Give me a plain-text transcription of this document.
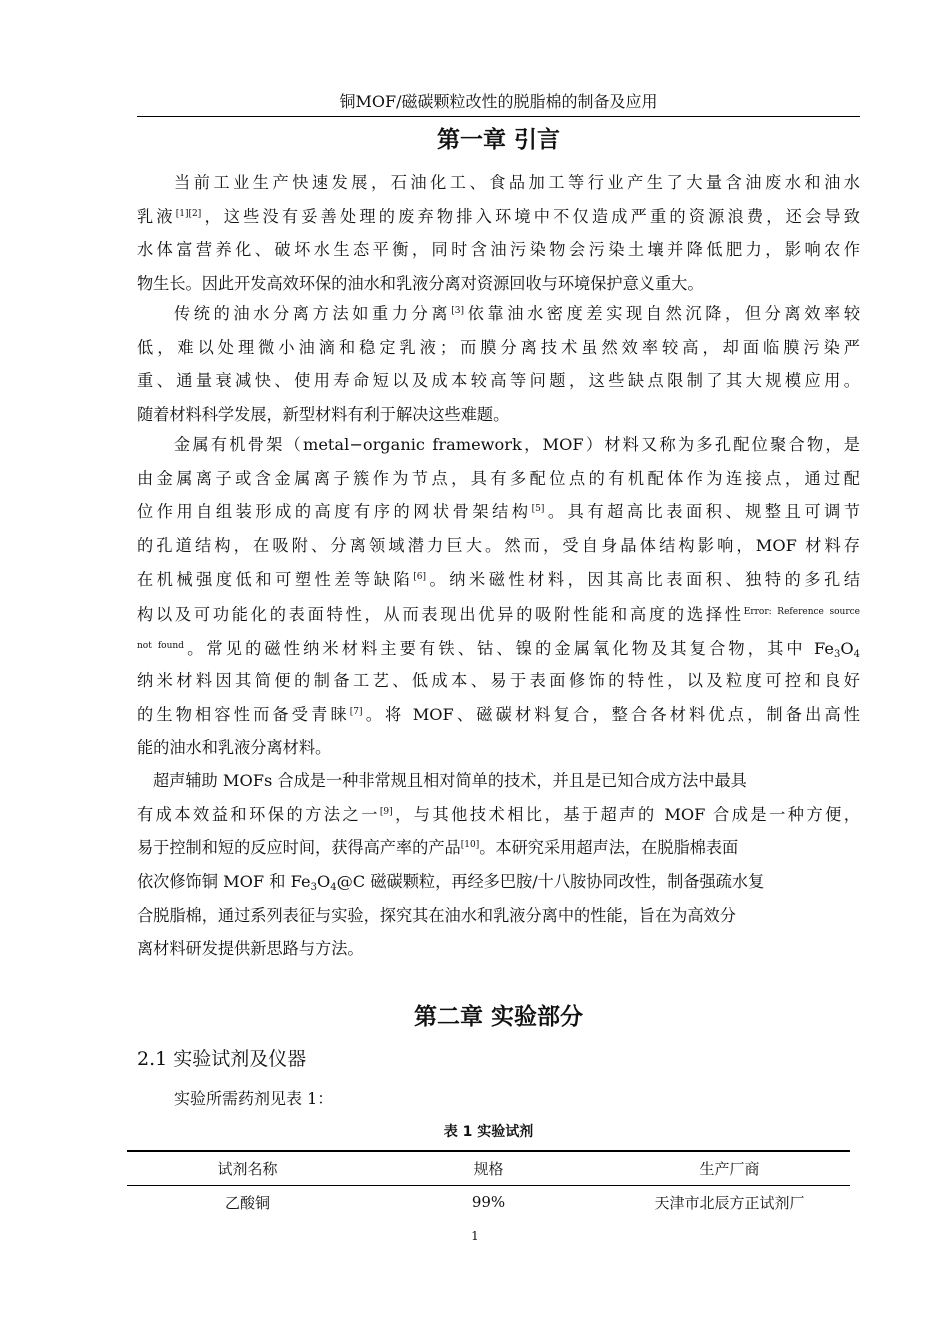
铜MOF/磁碳颗粒改性的脱脂棉的制备及应用
第一章 引言
当前工业生产快速发展，石油化工、食品加工等行业产生了大量含油废水和油水
乳液[1][2]，这些没有妥善处理的废弃物排入环境中不仅造成严重的资源浪费，还会导致
水体富营养化、破坏水生态平衡，同时含油污染物会污染土壤并降低肥力，影响农作
物生长。因此开发高效环保的油水和乳液分离对资源回收与环境保护意义重大。
传统的油水分离方法如重力分离[3]依靠油水密度差实现自然沉降，但分离效率较
低，难以处理微小油滴和稳定乳液；而膜分离技术虽然效率较高，却面临膜污染严
重、通量衰减快、使用寿命短以及成本较高等问题，这些缺点限制了其大规模应用。
随着材料科学发展，新型材料有利于解决这些难题。
金属有机骨架（metal−organic framework，MOF）材料又称为多孔配位聚合物，是
由金属离子或含金属离子簇作为节点，具有多配位点的有机配体作为连接点，通过配
位作用自组装形成的高度有序的网状骨架结构[5]。具有超高比表面积、规整且可调节
的孔道结构，在吸附、分离领域潜力巨大。然而，受自身晶体结构影响，MOF 材料存
在机械强度低和可塑性差等缺陷[6]。纳米磁性材料，因其高比表面积、独特的多孔结
构以及可功能化的表面特性，从而表现出优异的吸附性能和高度的选择性$^{Error: Reference source}$
$^{not found}$。常见的磁性纳米材料主要有铁、钴、镍的金属氧化物及其复合物，其中 $Fe_3O_4$
纳米材料因其简便的制备工艺、低成本、易于表面修饰的特性，以及粒度可控和良好
的生物相容性而备受青睐[7]。将 MOF、磁碳材料复合，整合各材料优点，制备出高性
能的油水和乳液分离材料。
超声辅助 MOFs 合成是一种非常规且相对简单的技术，并且是已知合成方法中最具
有成本效益和环保的方法之一[9]，与其他技术相比，基于超声的 MOF 合成是一种方便，
易于控制和短的反应时间，获得高产率的产品[10]。本研究采用超声法，在脱脂棉表面
依次修饰铜 MOF 和 $Fe_3O_4@C$ 磁碳颗粒，再经多巴胺/十八胺协同改性，制备强疏水复
合脱脂棉，通过系列表征与实验，探究其在油水和乳液分离中的性能，旨在为高效分
离材料研发提供新思路与方法。
第二章 实验部分
2.1 实验试剂及仪器
实验所需药剂见表 1：
表 1 实验试剂
试剂名称	规格	生产厂商
乙酸铜	99%	天津市北辰方正试剂厂
1
